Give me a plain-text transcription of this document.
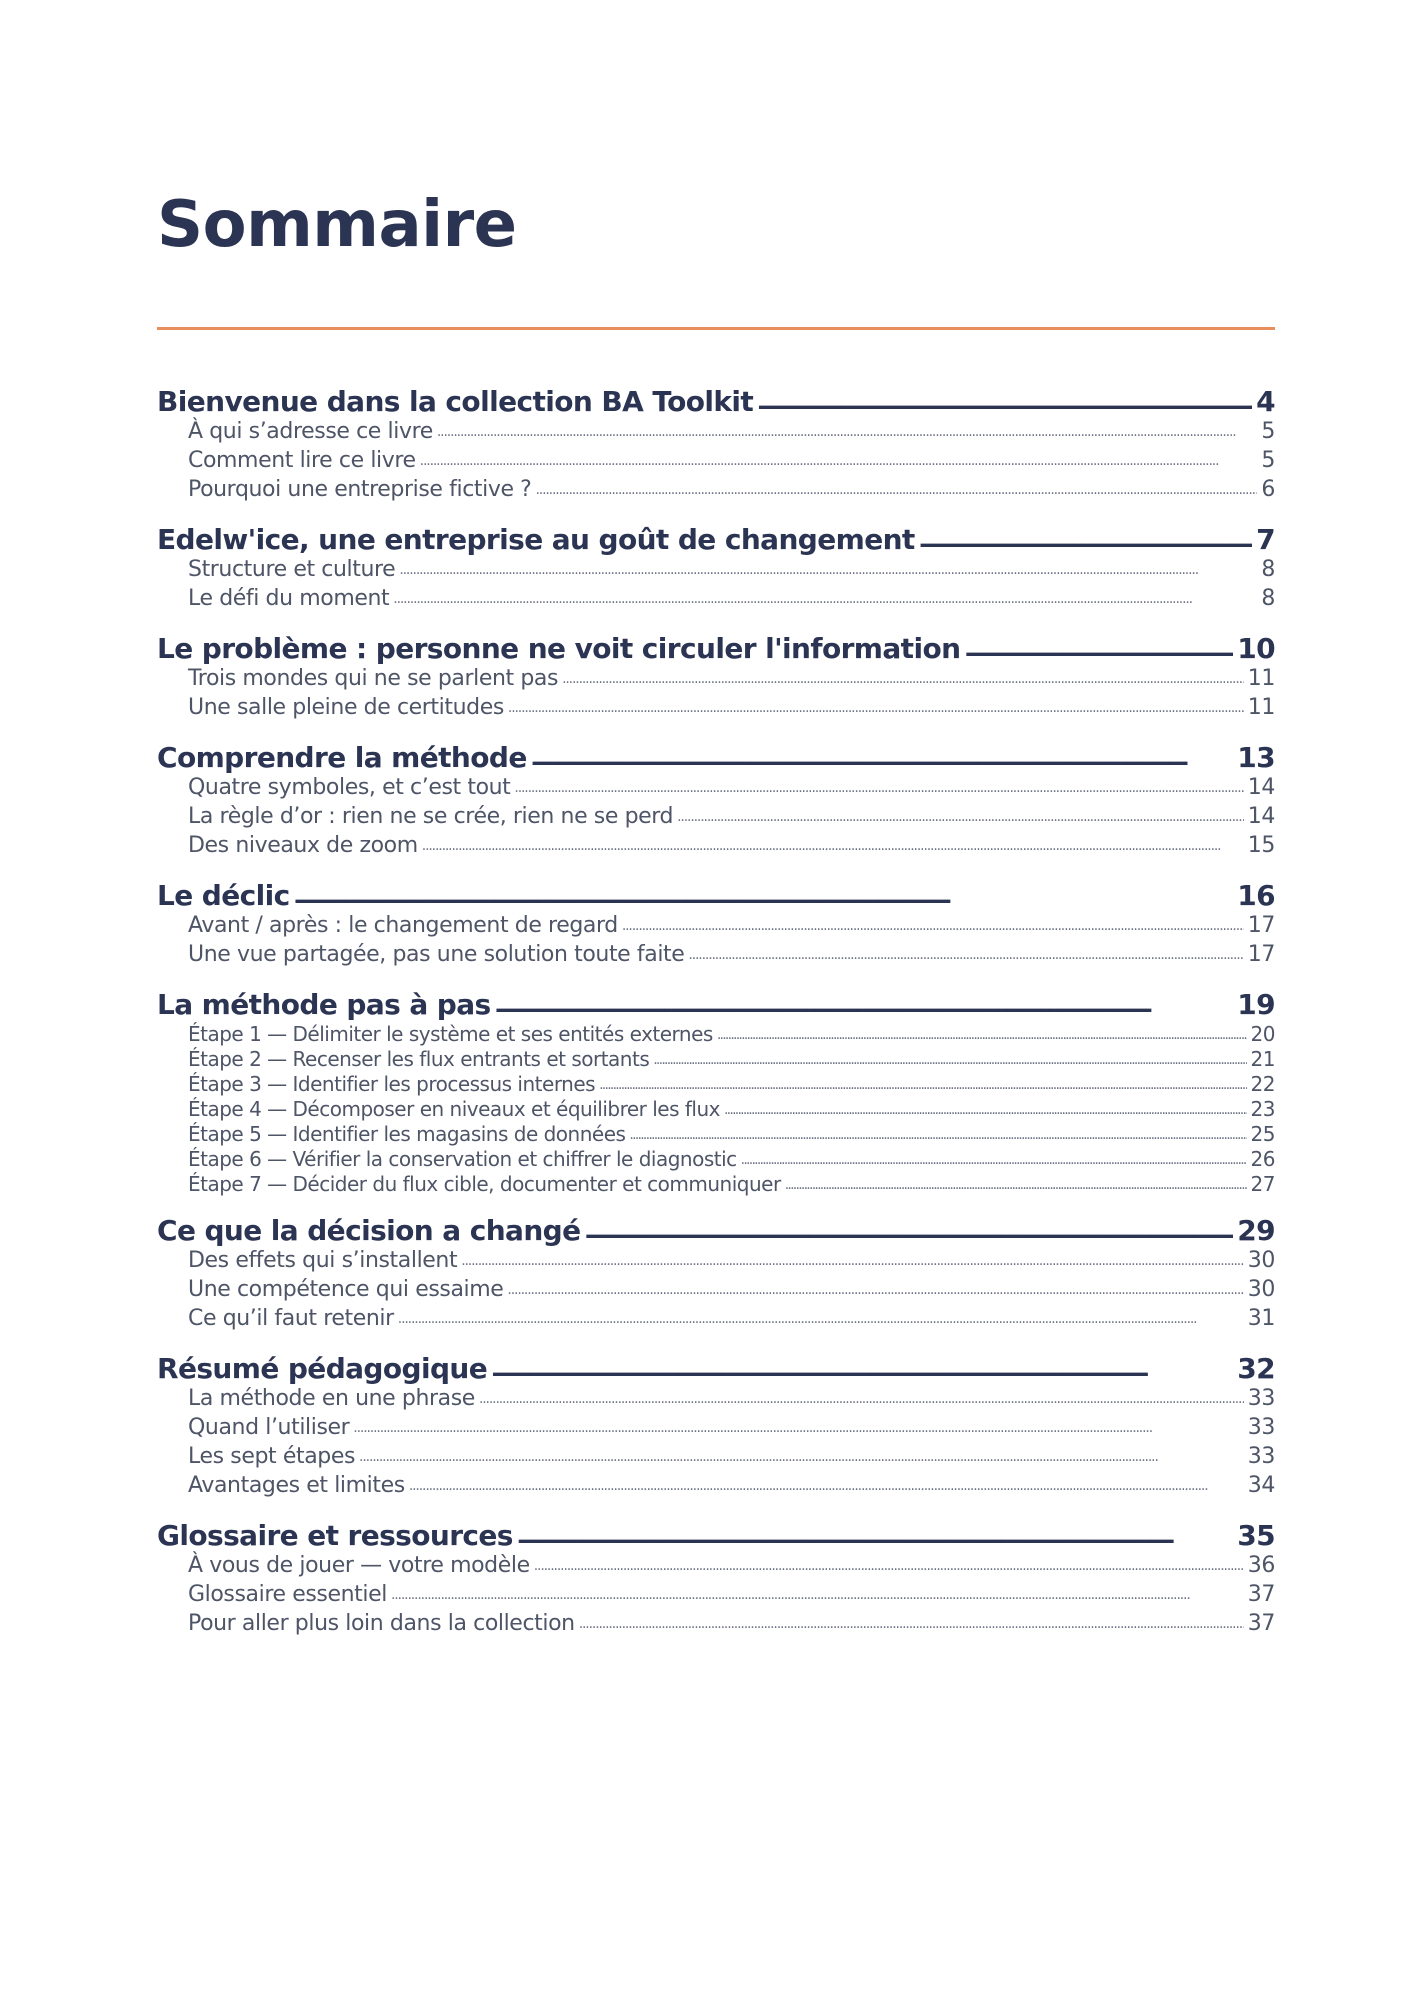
Sommaire
Bienvenue dans la collection BA Toolkit . . .	4
À qui s’adresse ce livre . . .	5
Comment lire ce livre . . .	5
Pourquoi une entreprise fictive ? . . .	6
Edelw'ice, une entreprise au goût de changement . . .	7
Structure et culture . . .	8
Le défi du moment . . .	8
Le problème : personne ne voit circuler l'information . . .	10
Trois mondes qui ne se parlent pas . . .	11
Une salle pleine de certitudes . . .	11
Comprendre la méthode . . .	13
Quatre symboles, et c’est tout . . .	14
La règle d’or : rien ne se crée, rien ne se perd . . .	14
Des niveaux de zoom . . .	15
Le déclic . . .	16
Avant / après : le changement de regard . . .	17
Une vue partagée, pas une solution toute faite . . .	17
La méthode pas à pas . . .	19
Étape 1 — Délimiter le système et ses entités externes . . .	20
Étape 2 — Recenser les flux entrants et sortants . . .	21
Étape 3 — Identifier les processus internes . . .	22
Étape 4 — Décomposer en niveaux et équilibrer les flux . . .	23
Étape 5 — Identifier les magasins de données . . .	25
Étape 6 — Vérifier la conservation et chiffrer le diagnostic . . .	26
Étape 7 — Décider du flux cible, documenter et communiquer . . .	27
Ce que la décision a changé . . .	29
Des effets qui s’installent . . .	30
Une compétence qui essaime . . .	30
Ce qu’il faut retenir . . .	31
Résumé pédagogique . . .	32
La méthode en une phrase . . .	33
Quand l’utiliser . . .	33
Les sept étapes . . .	33
Avantages et limites . . .	34
Glossaire et ressources . . .	35
À vous de jouer — votre modèle . . .	36
Glossaire essentiel . . .	37
Pour aller plus loin dans la collection . . .	37
